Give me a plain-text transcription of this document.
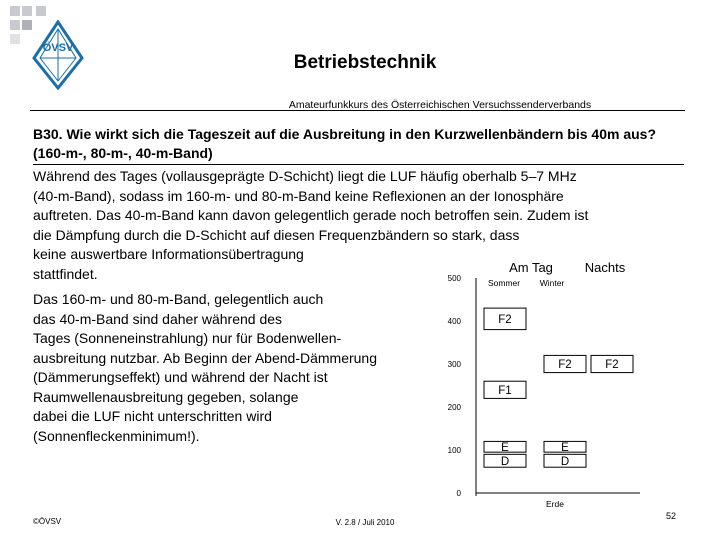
ÖVSV
Betriebstechnik
Amateurfunkkurs des Österreichischen Versuchssenderverbands
B30. Wie wirkt sich die Tageszeit auf die Ausbreitung in den Kurzwellenbändern bis 40m aus? (160-m-, 80-m-, 40-m-Band)
Während des Tages (vollausgeprägte D-Schicht) liegt die LUF häufig oberhalb 5–7 MHz
(40-m-Band), sodass im 160-m- und 80-m-Band keine Reflexionen an der Ionosphäre
auftreten. Das 40-m-Band kann davon gelegentlich gerade noch betroffen sein. Zudem ist
die Dämpfung durch die D-Schicht auf diesen Frequenzbändern so stark, dass
keine auswertbare Informationsübertragung
stattfindet.
Das 160-m- und 80-m-Band, gelegentlich auch
das 40-m-Band sind daher während des
Tages (Sonneneinstrahlung) nur für Bodenwellen-
ausbreitung nutzbar. Ab Beginn der Abend-Dämmerung
(Dämmerungseffekt) und während der Nacht ist
Raumwellenausbreitung gegeben, solange
dabei die LUF nicht unterschritten wird
(Sonnenfleckenminimum!).
Am Tag Nachts
Sommer Winter
0
100
200
300
400
500
Erde
D
E
F1
F2
D
E
F2	F2
©ÖVSV	V. 2.8 / Juli 2010
52
